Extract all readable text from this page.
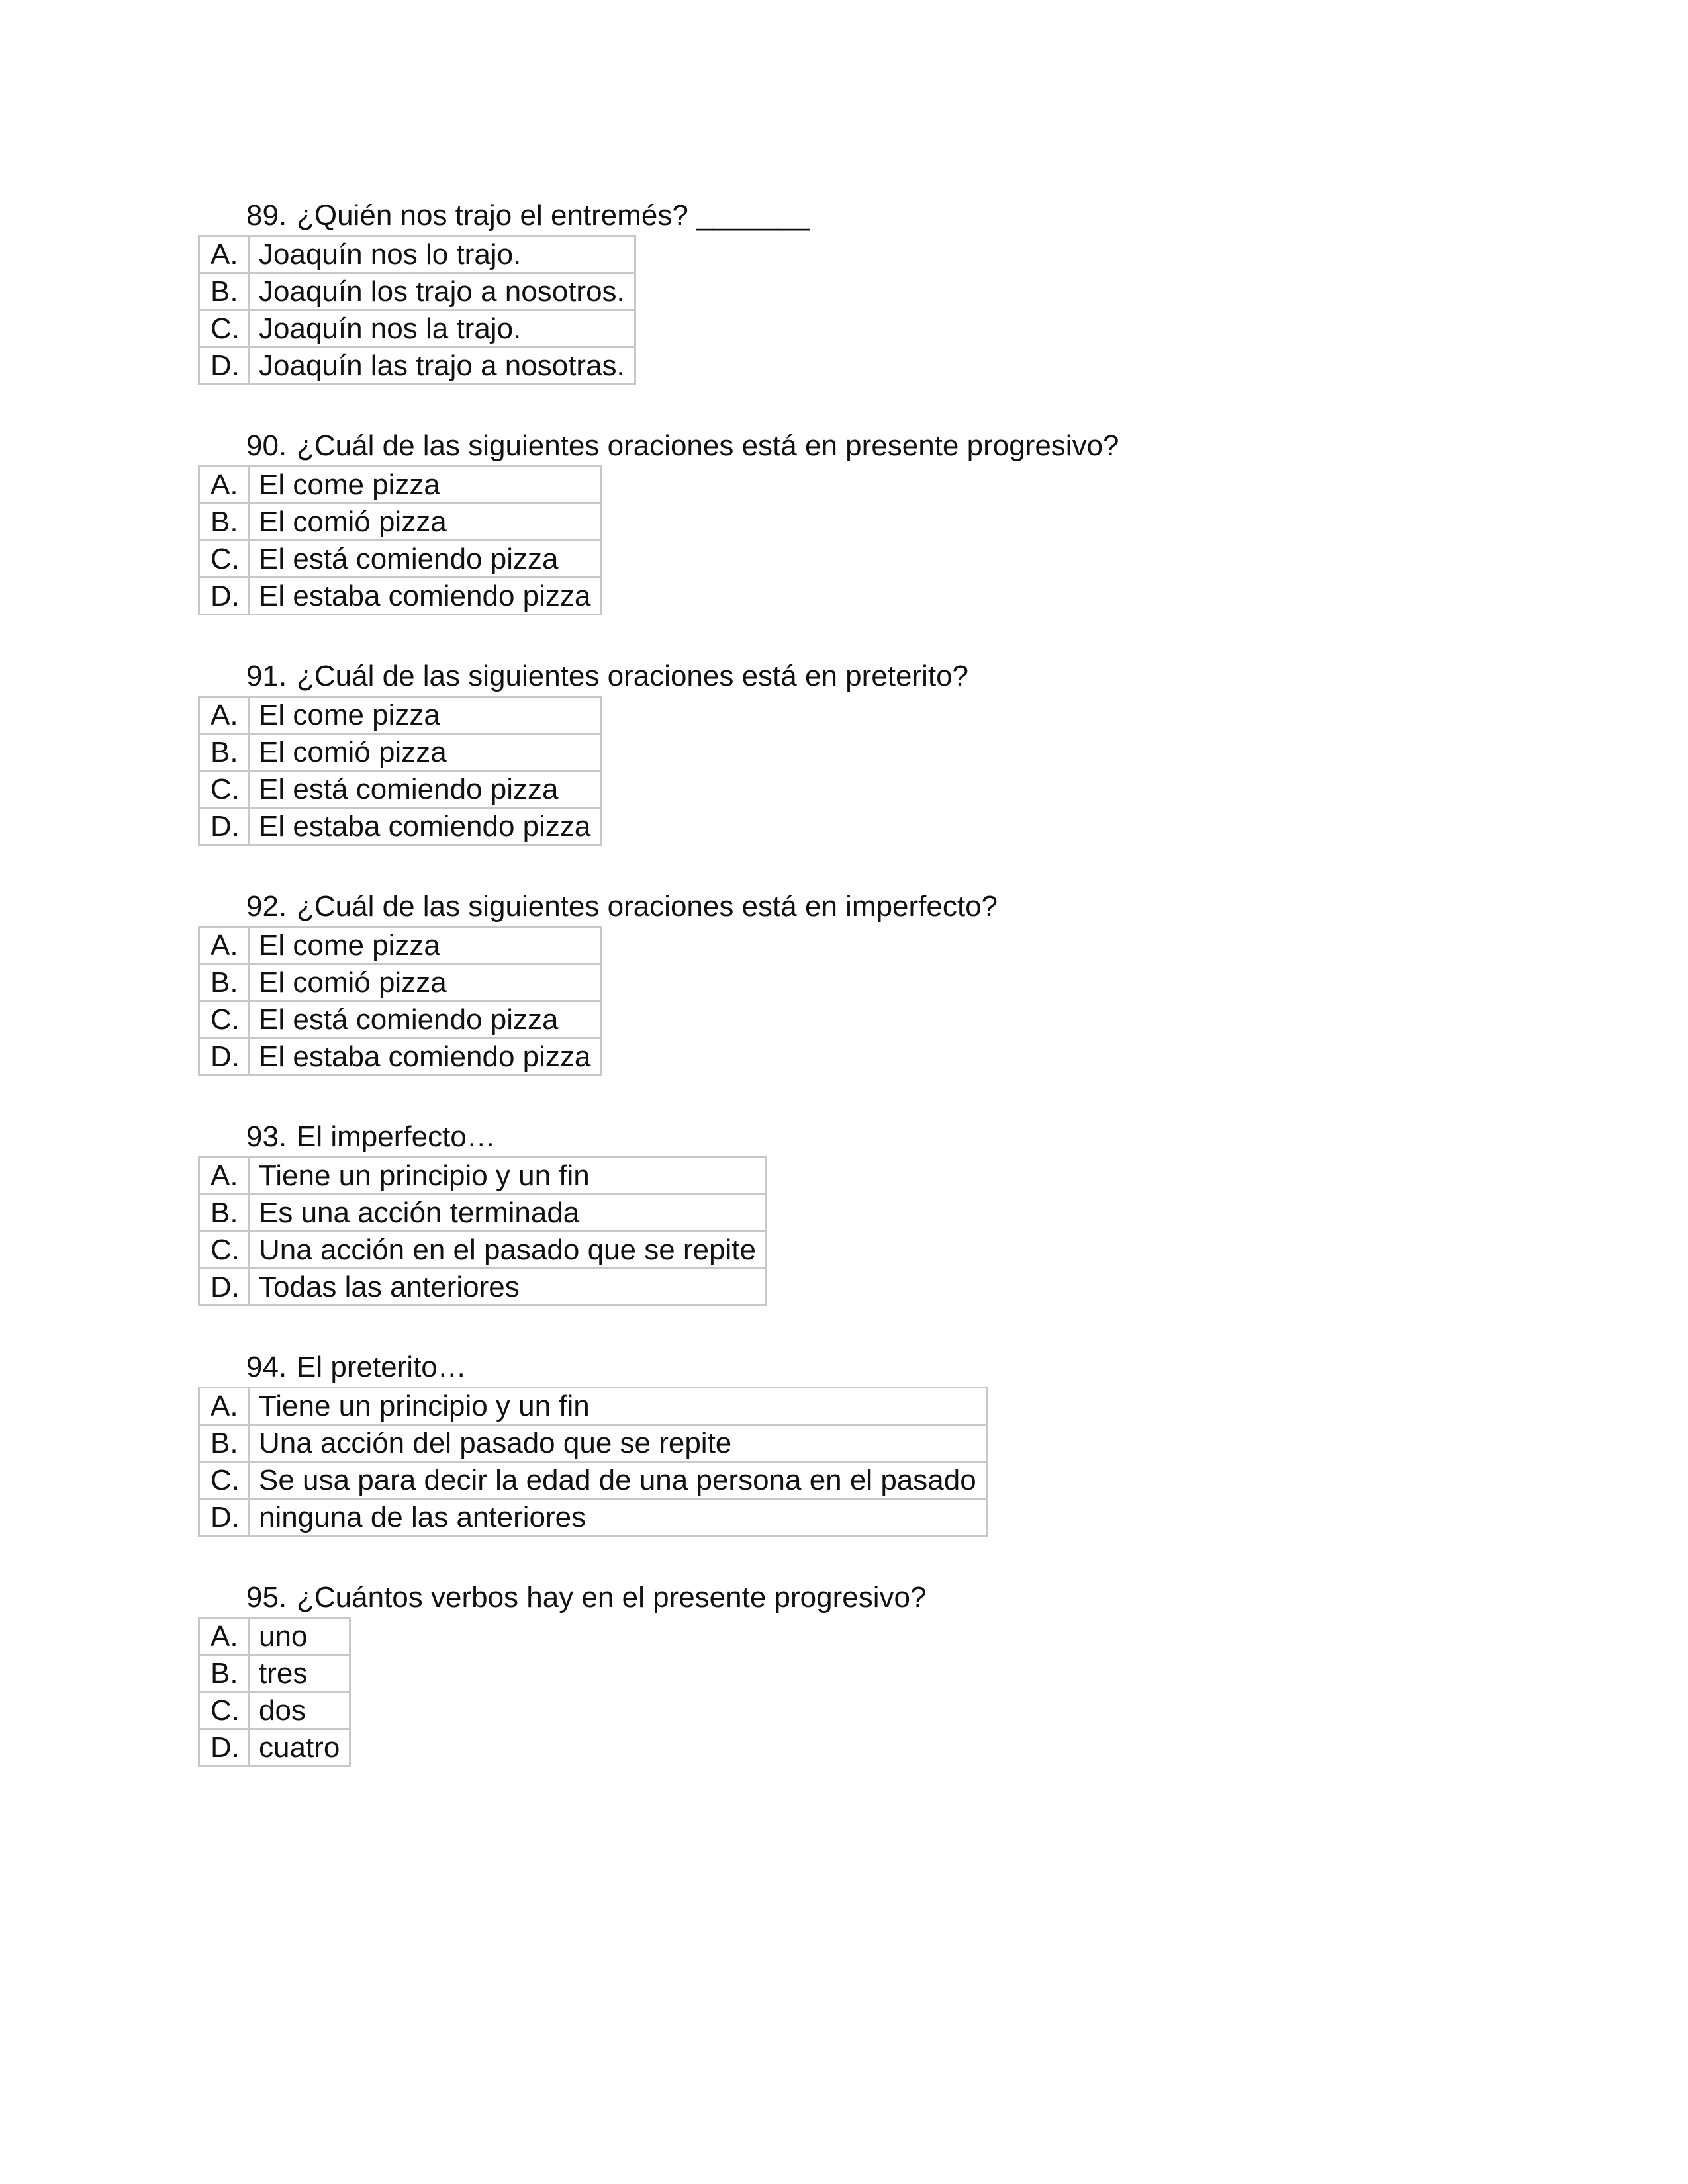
89. ¿Quién nos trajo el entremés? _______
A.	Joaquín nos lo trajo.
B.	Joaquín los trajo a nosotros.
C.	Joaquín nos la trajo.
D.	Joaquín las trajo a nosotras.
90. ¿Cuál de las siguientes oraciones está en presente progresivo?
A.	El come pizza
B.	El comió pizza
C.	El está comiendo pizza
D.	El estaba comiendo pizza
91. ¿Cuál de las siguientes oraciones está en preterito?
A.	El come pizza
B.	El comió pizza
C.	El está comiendo pizza
D.	El estaba comiendo pizza
92. ¿Cuál de las siguientes oraciones está en imperfecto?
A.	El come pizza
B.	El comió pizza
C.	El está comiendo pizza
D.	El estaba comiendo pizza
93. El imperfecto…
A.	Tiene un principio y un fin
B.	Es una acción terminada
C.	Una acción en el pasado que se repite
D.	Todas las anteriores
94. El preterito…
A.	Tiene un principio y un fin
B.	Una acción del pasado que se repite
C.	Se usa para decir la edad de una persona en el pasado
D.	ninguna de las anteriores
95. ¿Cuántos verbos hay en el presente progresivo?
A.	uno
B.	tres
C.	dos
D.	cuatro
